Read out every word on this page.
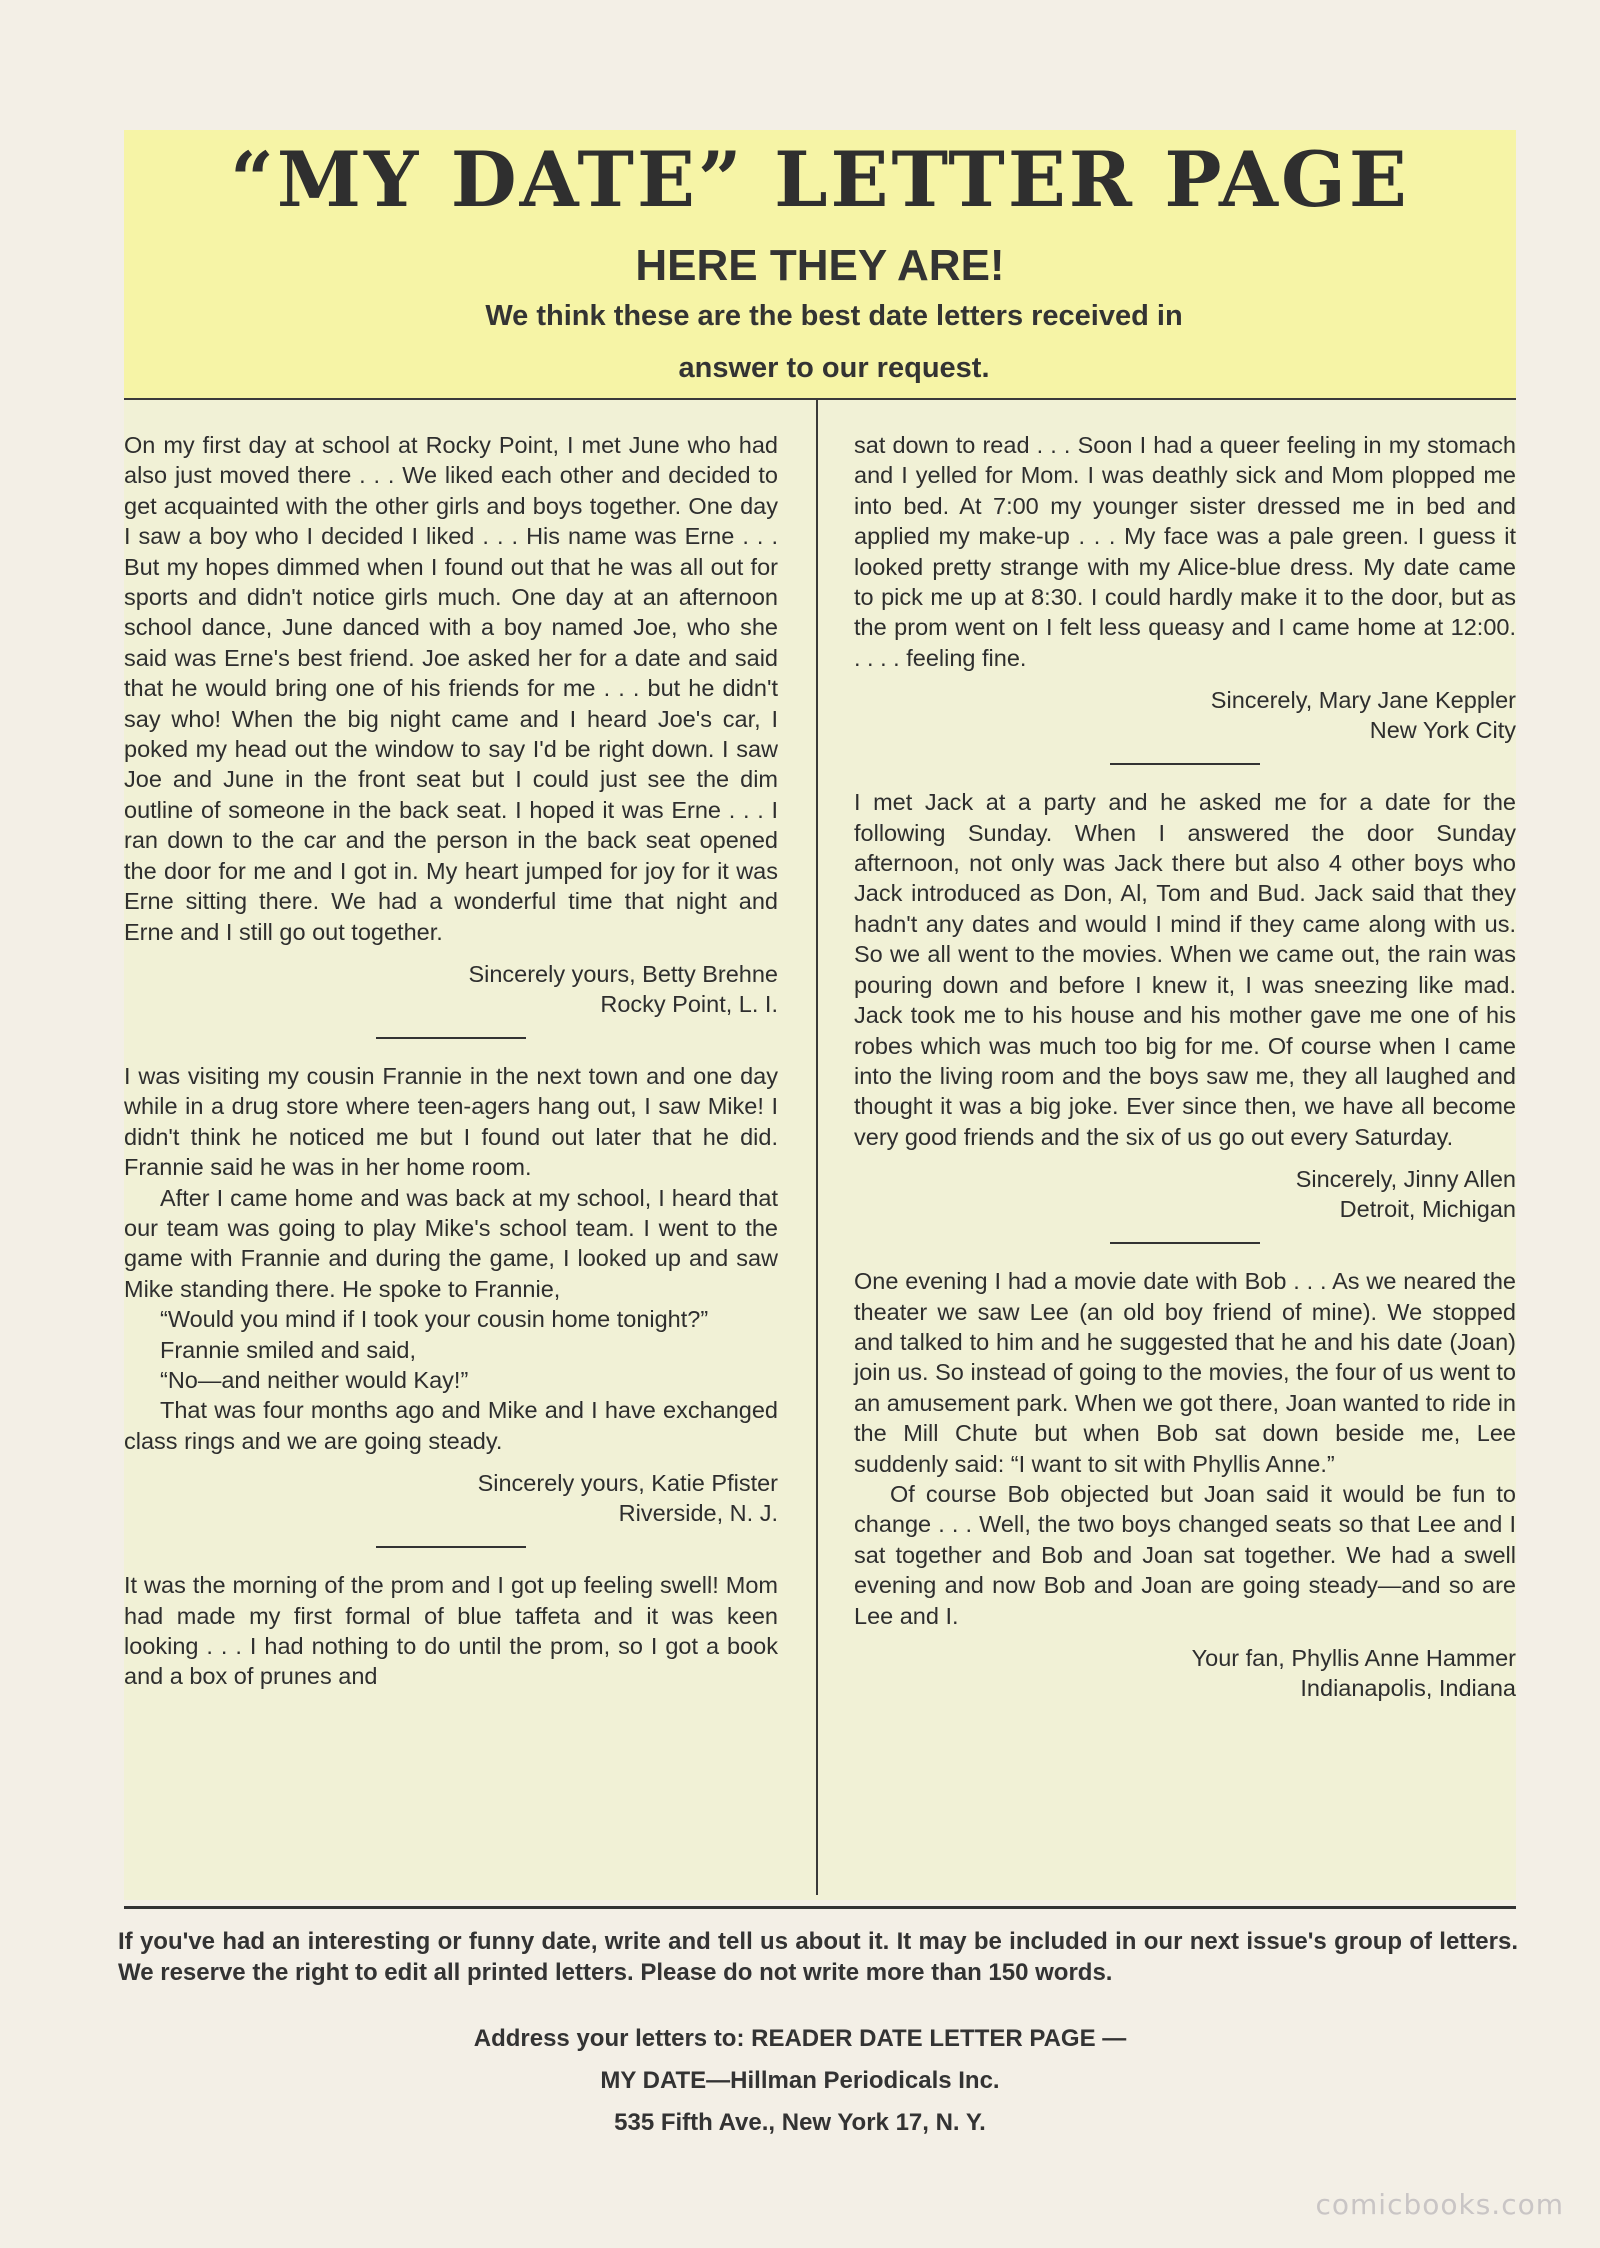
“MY DATE” LETTER PAGE
HERE THEY ARE!
We think these are the best date letters received in answer to our request.

On my first day at school at Rocky Point, I met June who had also just moved there . . . We liked each other and decided to get acquainted with the other girls and boys together. One day I saw a boy who I decided I liked . . . His name was Erne . . . But my hopes dimmed when I found out that he was all out for sports and didn't notice girls much. One day at an afternoon school dance, June danced with a boy named Joe, who she said was Erne's best friend. Joe asked her for a date and said that he would bring one of his friends for me . . . but he didn't say who! When the big night came and I heard Joe's car, I poked my head out the window to say I'd be right down. I saw Joe and June in the front seat but I could just see the dim outline of someone in the back seat. I hoped it was Erne . . . I ran down to the car and the person in the back seat opened the door for me and I got in. My heart jumped for joy for it was Erne sitting there. We had a wonderful time that night and Erne and I still go out together.

Sincerely yours, Betty Brehne
Rocky Point, L. I.

I was visiting my cousin Frannie in the next town and one day while in a drug store where teen-agers hang out, I saw Mike! I didn't think he noticed me but I found out later that he did. Frannie said he was in her home room.

After I came home and was back at my school, I heard that our team was going to play Mike's school team. I went to the game with Frannie and during the game, I looked up and saw Mike standing there. He spoke to Frannie,

“Would you mind if I took your cousin home tonight?”

Frannie smiled and said,

“No—and neither would Kay!”

That was four months ago and Mike and I have exchanged class rings and we are going steady.

Sincerely yours, Katie Pfister
Riverside, N. J.

It was the morning of the prom and I got up feeling swell! Mom had made my first formal of blue taffeta and it was keen looking . . . I had nothing to do until the prom, so I got a book and a box of prunes and

sat down to read . . . Soon I had a queer feeling in my stomach and I yelled for Mom. I was deathly sick and Mom plopped me into bed. At 7:00 my younger sister dressed me in bed and applied my make-up . . . My face was a pale green. I guess it looked pretty strange with my Alice-blue dress. My date came to pick me up at 8:30. I could hardly make it to the door, but as the prom went on I felt less queasy and I came home at 12:00. . . . . feeling fine.

Sincerely, Mary Jane Keppler
New York City

I met Jack at a party and he asked me for a date for the following Sunday. When I answered the door Sunday afternoon, not only was Jack there but also 4 other boys who Jack introduced as Don, Al, Tom and Bud. Jack said that they hadn't any dates and would I mind if they came along with us. So we all went to the movies. When we came out, the rain was pouring down and before I knew it, I was sneezing like mad. Jack took me to his house and his mother gave me one of his robes which was much too big for me. Of course when I came into the living room and the boys saw me, they all laughed and thought it was a big joke. Ever since then, we have all become very good friends and the six of us go out every Saturday.

Sincerely, Jinny Allen
Detroit, Michigan

One evening I had a movie date with Bob . . . As we neared the theater we saw Lee (an old boy friend of mine). We stopped and talked to him and he suggested that he and his date (Joan) join us. So instead of going to the movies, the four of us went to an amusement park. When we got there, Joan wanted to ride in the Mill Chute but when Bob sat down beside me, Lee suddenly said: “I want to sit with Phyllis Anne.”

Of course Bob objected but Joan said it would be fun to change . . . Well, the two boys changed seats so that Lee and I sat together and Bob and Joan sat together. We had a swell evening and now Bob and Joan are going steady—and so are Lee and I.

Your fan, Phyllis Anne Hammer
Indianapolis, Indiana
If you've had an interesting or funny date, write and tell us about it. It may be included in our next issue's group of letters. We reserve the right to edit all printed letters. Please do not write more than 150 words.
Address your letters to: READER DATE LETTER PAGE —
MY DATE—Hillman Periodicals Inc.
535 Fifth Ave., New York 17, N. Y.
comicbooks.com
